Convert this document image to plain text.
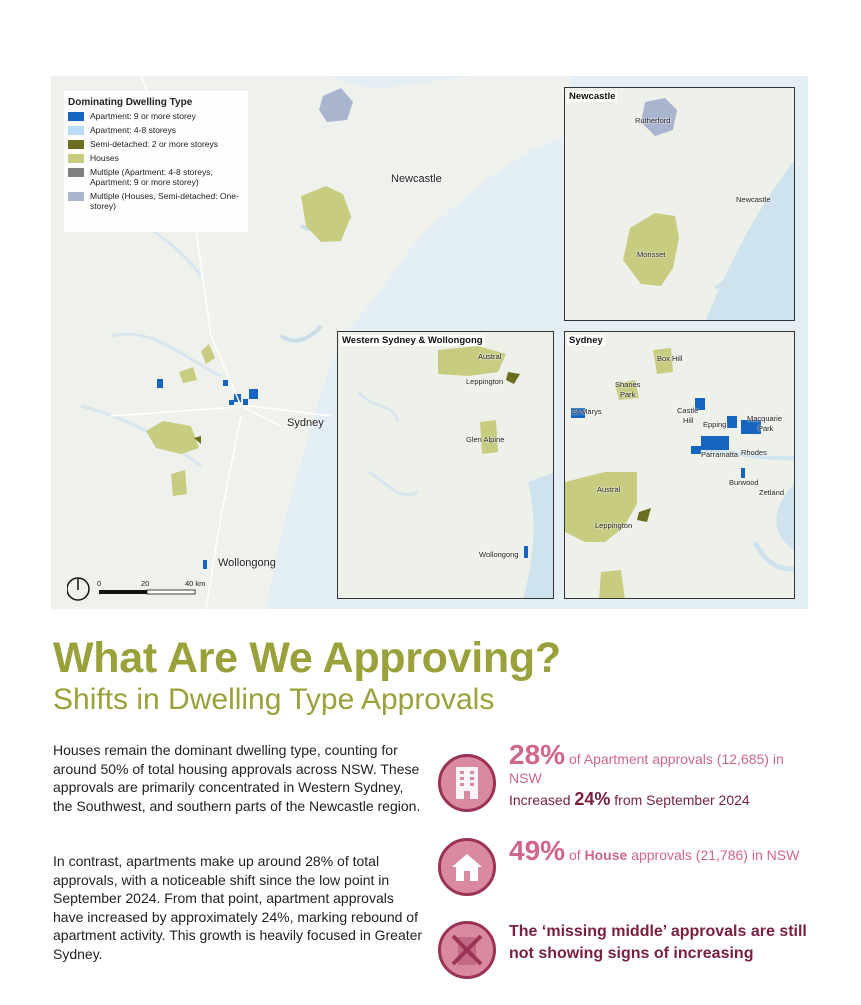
Dominating Dwelling Type
Apartment: 9 or more storey
Apartment: 4-8 storeys
Semi-detached: 2 or more storeys
Houses
Multiple (Apartment: 4-8 storeys, Apartment: 9 or more storey)
Multiple (Houses, Semi-detached: One-storey)
Newcastle
Sydney
Wollongong
0	20	40 km
Newcastle
Rutherford
Newcastle
Morisset
Western Sydney & Wollongong
Austral
Leppington
Glen Alpine
Wollongong
Sydney
Box Hill
Shanes
Park
St Marys	Castle
Hill Epping
Macquarie
Park
Parramatta Rhodes
Burwood
Zetland
Austral
Leppington
What Are We Approving?
Shifts in Dwelling Type Approvals

Houses remain the dominant dwelling type, counting for around 50% of total housing approvals across NSW. These approvals are primarily concentrated in Western Sydney, the Southwest, and southern parts of the Newcastle region.

In contrast, apartments make up around 28% of total approvals, with a noticeable shift since the low point in September 2024. From that point, apartment approvals have increased by approximately 24%, marking rebound of apartment activity. This growth is heavily focused in Greater Sydney.

28% of Apartment approvals (12,685) in NSW
Increased 24% from September 2024
49% of House approvals (21,786) in NSW
The ‘missing middle’ approvals are still not showing signs of increasing
